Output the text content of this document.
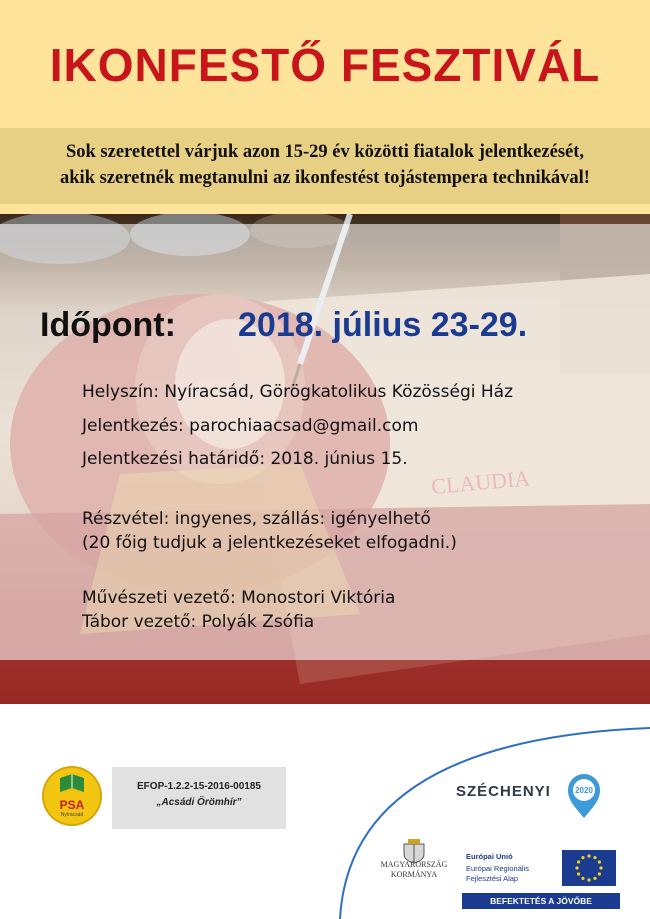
IKONFESTŐ FESZTIVÁL
Sok szeretettel várjuk azon 15-29 év közötti fiatalok jelentkezését,
akik szeretnék megtanulni az ikonfestést tojástempera technikával!
Időpont: 2018. július 23-29.
Helyszín: Nyíracsád, Görögkatolikus Közösségi Ház
Jelentkezés: parochiaacsad@gmail.com
Jelentkezési határidő: 2018. június 15.
Részvétel: ingyenes, szállás: igényelhető
(20 főig tudjuk a jelentkezéseket elfogadni.)
Művészeti vezető: Monostori Viktória
Tábor vezető: Polyák Zsófia
PSA
Nyíracsád
EFOP-1.2.2-15-2016-00185
„Acsádi Örömhír”
SZÉCHENYI	2020
MAGYARORSZÁG
KORMÁNYA
Európai Unió
Európai Regionális
Fejlesztési Alap
BEFEKTETÉS A JÖVŐBE
